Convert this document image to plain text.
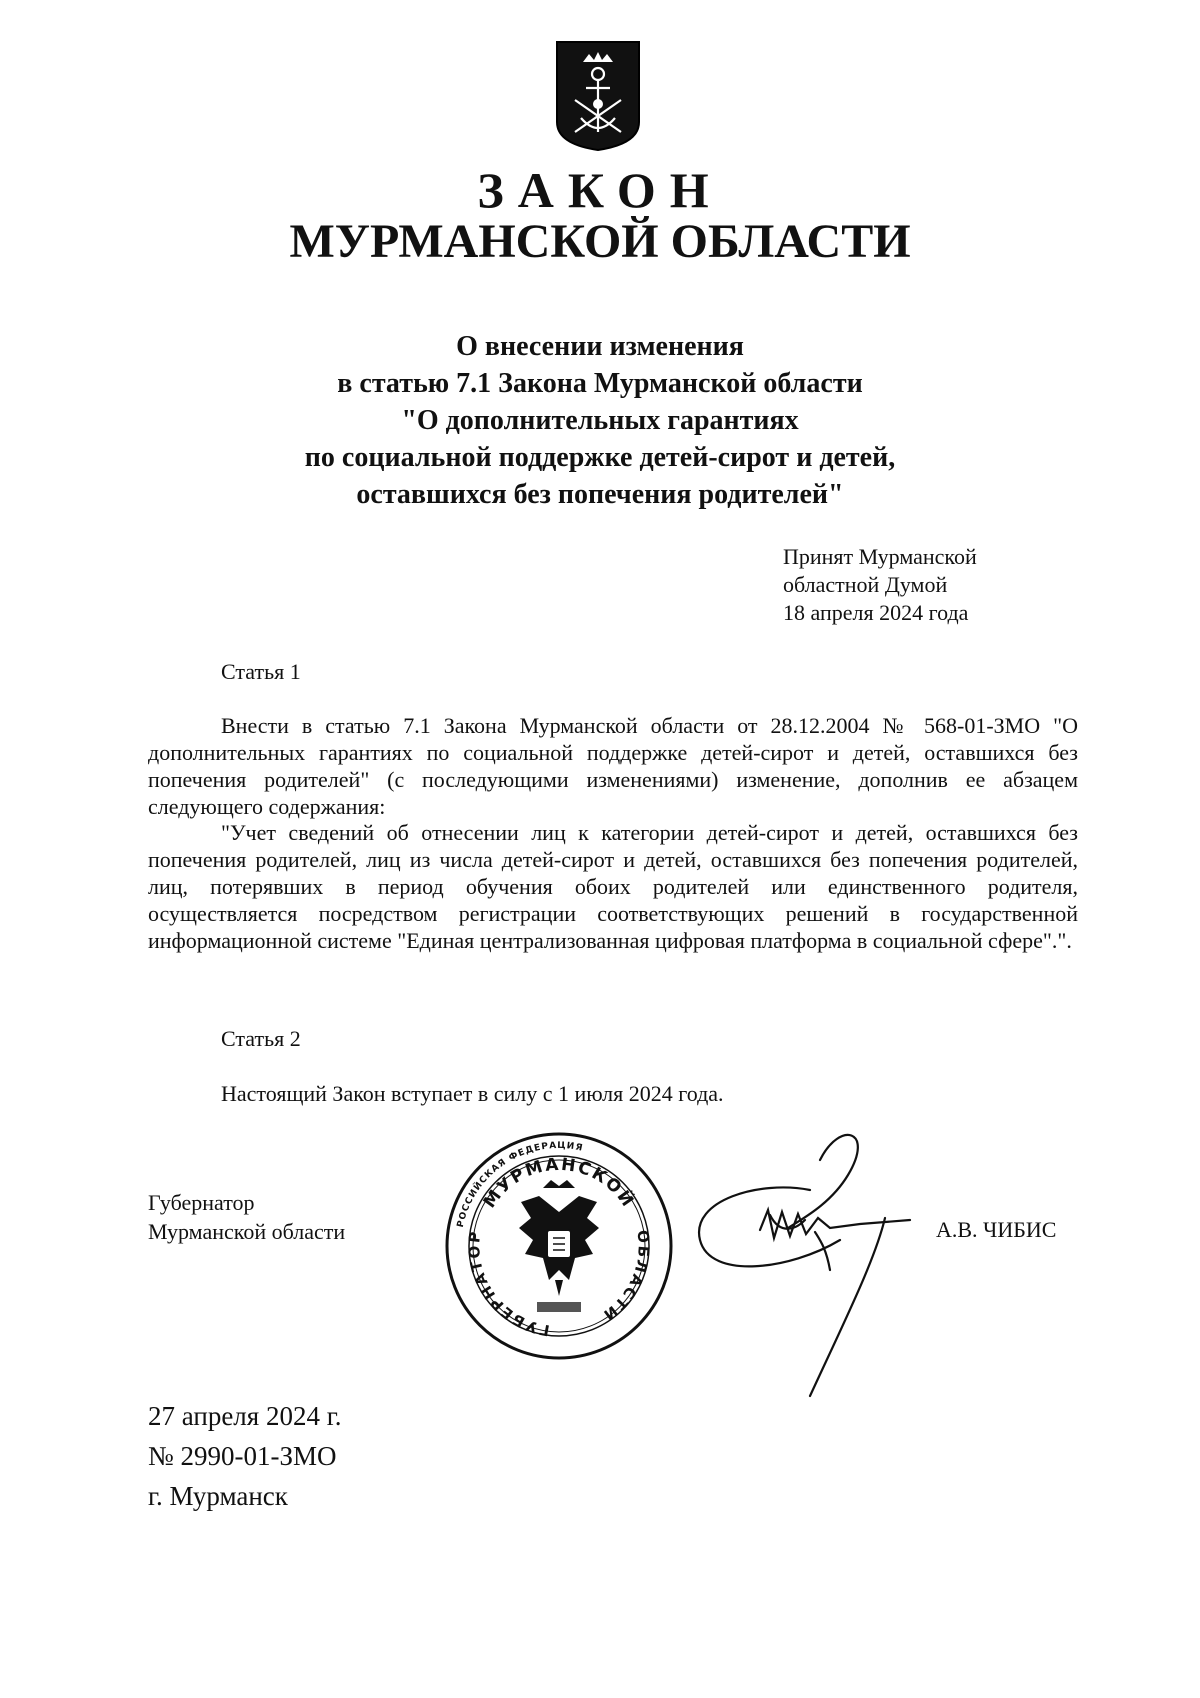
ЗАКОН
МУРМАНСКОЙ ОБЛАСТИ
О внесении изменения
в статью 7.1 Закона Мурманской области
"О дополнительных гарантиях
по социальной поддержке детей-сирот и детей,
оставшихся без попечения родителей"
Принят Мурманской
областной Думой
18 апреля 2024 года
Статья 1
Внести в статью 7.1 Закона Мурманской области от 28.12.2004 № 568-01-ЗМО "О дополнительных гарантиях по социальной поддержке детей-сирот и детей, оставшихся без попечения родителей" (с последующими изменениями) изменение, дополнив ее абзацем следующего содержания:
"Учет сведений об отнесении лиц к категории детей-сирот и детей, оставшихся без попечения родителей, лиц из числа детей-сирот и детей, оставшихся без попечения родителей, лиц, потерявших в период обучения обоих родителей или единственного родителя, осуществляется посредством регистрации соответствующих решений в государственной информационной системе "Единая централизованная цифровая платформа в социальной сфере".".
Статья 2
Настоящий Закон вступает в силу с 1 июля 2024 года.
Губернатор
Мурманской области	РОССИЙСКАЯ ФЕДЕРАЦИЯ
МУРМАНСКОЙ
ГУБЕРНАТОР	ОБЛАСТИ
А.В. ЧИБИС
27 апреля 2024 г.
№ 2990-01-ЗМО
г. Мурманск
